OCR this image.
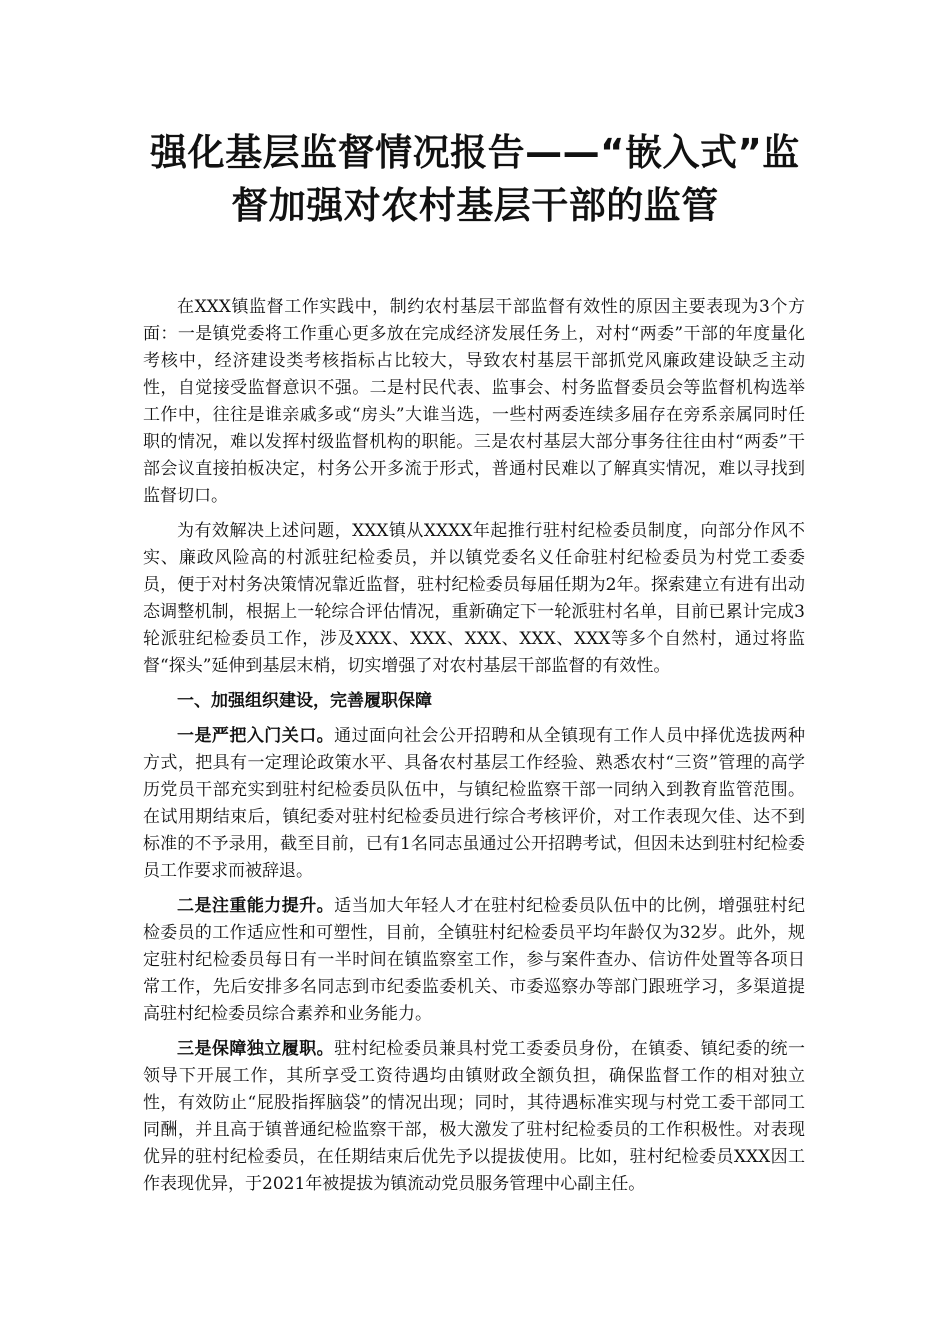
强化基层监督情况报告——“嵌入式”监
督加强对农村基层干部的监管

在XXX镇监督工作实践中，制约农村基层干部监督有效性的原因主要表现为3个方面：一是镇党委将工作重心更多放在完成经济发展任务上，对村“两委”干部的年度量化考核中，经济建设类考核指标占比较大，导致农村基层干部抓党风廉政建设缺乏主动性，自觉接受监督意识不强。二是村民代表、监事会、村务监督委员会等监督机构选举工作中，往往是谁亲戚多或“房头”大谁当选，一些村两委连续多届存在旁系亲属同时任职的情况，难以发挥村级监督机构的职能。三是农村基层大部分事务往往由村“两委”干部会议直接拍板决定，村务公开多流于形式，普通村民难以了解真实情况，难以寻找到监督切口。

为有效解决上述问题，XXX镇从XXXX年起推行驻村纪检委员制度，向部分作风不实、廉政风险高的村派驻纪检委员，并以镇党委名义任命驻村纪检委员为村党工委委员，便于对村务决策情况靠近监督，驻村纪检委员每届任期为2年。探索建立有进有出动态调整机制，根据上一轮综合评估情况，重新确定下一轮派驻村名单，目前已累计完成3轮派驻纪检委员工作，涉及XXX、XXX、XXX、XXX、XXX等多个自然村，通过将监督“探头”延伸到基层末梢，切实增强了对农村基层干部监督的有效性。

一、加强组织建设，完善履职保障

一是严把入门关口。通过面向社会公开招聘和从全镇现有工作人员中择优选拔两种方式，把具有一定理论政策水平、具备农村基层工作经验、熟悉农村“三资”管理的高学历党员干部充实到驻村纪检委员队伍中，与镇纪检监察干部一同纳入到教育监管范围。在试用期结束后，镇纪委对驻村纪检委员进行综合考核评价，对工作表现欠佳、达不到标准的不予录用，截至目前，已有1名同志虽通过公开招聘考试，但因未达到驻村纪检委员工作要求而被辞退。

二是注重能力提升。适当加大年轻人才在驻村纪检委员队伍中的比例，增强驻村纪检委员的工作适应性和可塑性，目前，全镇驻村纪检委员平均年龄仅为32岁。此外，规定驻村纪检委员每日有一半时间在镇监察室工作，参与案件查办、信访件处置等各项日常工作，先后安排多名同志到市纪委监委机关、市委巡察办等部门跟班学习，多渠道提高驻村纪检委员综合素养和业务能力。

三是保障独立履职。驻村纪检委员兼具村党工委委员身份，在镇委、镇纪委的统一领导下开展工作，其所享受工资待遇均由镇财政全额负担，确保监督工作的相对独立性，有效防止“屁股指挥脑袋”的情况出现；同时，其待遇标准实现与村党工委干部同工同酬，并且高于镇普通纪检监察干部，极大激发了驻村纪检委员的工作积极性。对表现优异的驻村纪检委员，在任期结束后优先予以提拔使用。比如，驻村纪检委员XXX因工作表现优异，于2021年被提拔为镇流动党员服务管理中心副主任。
